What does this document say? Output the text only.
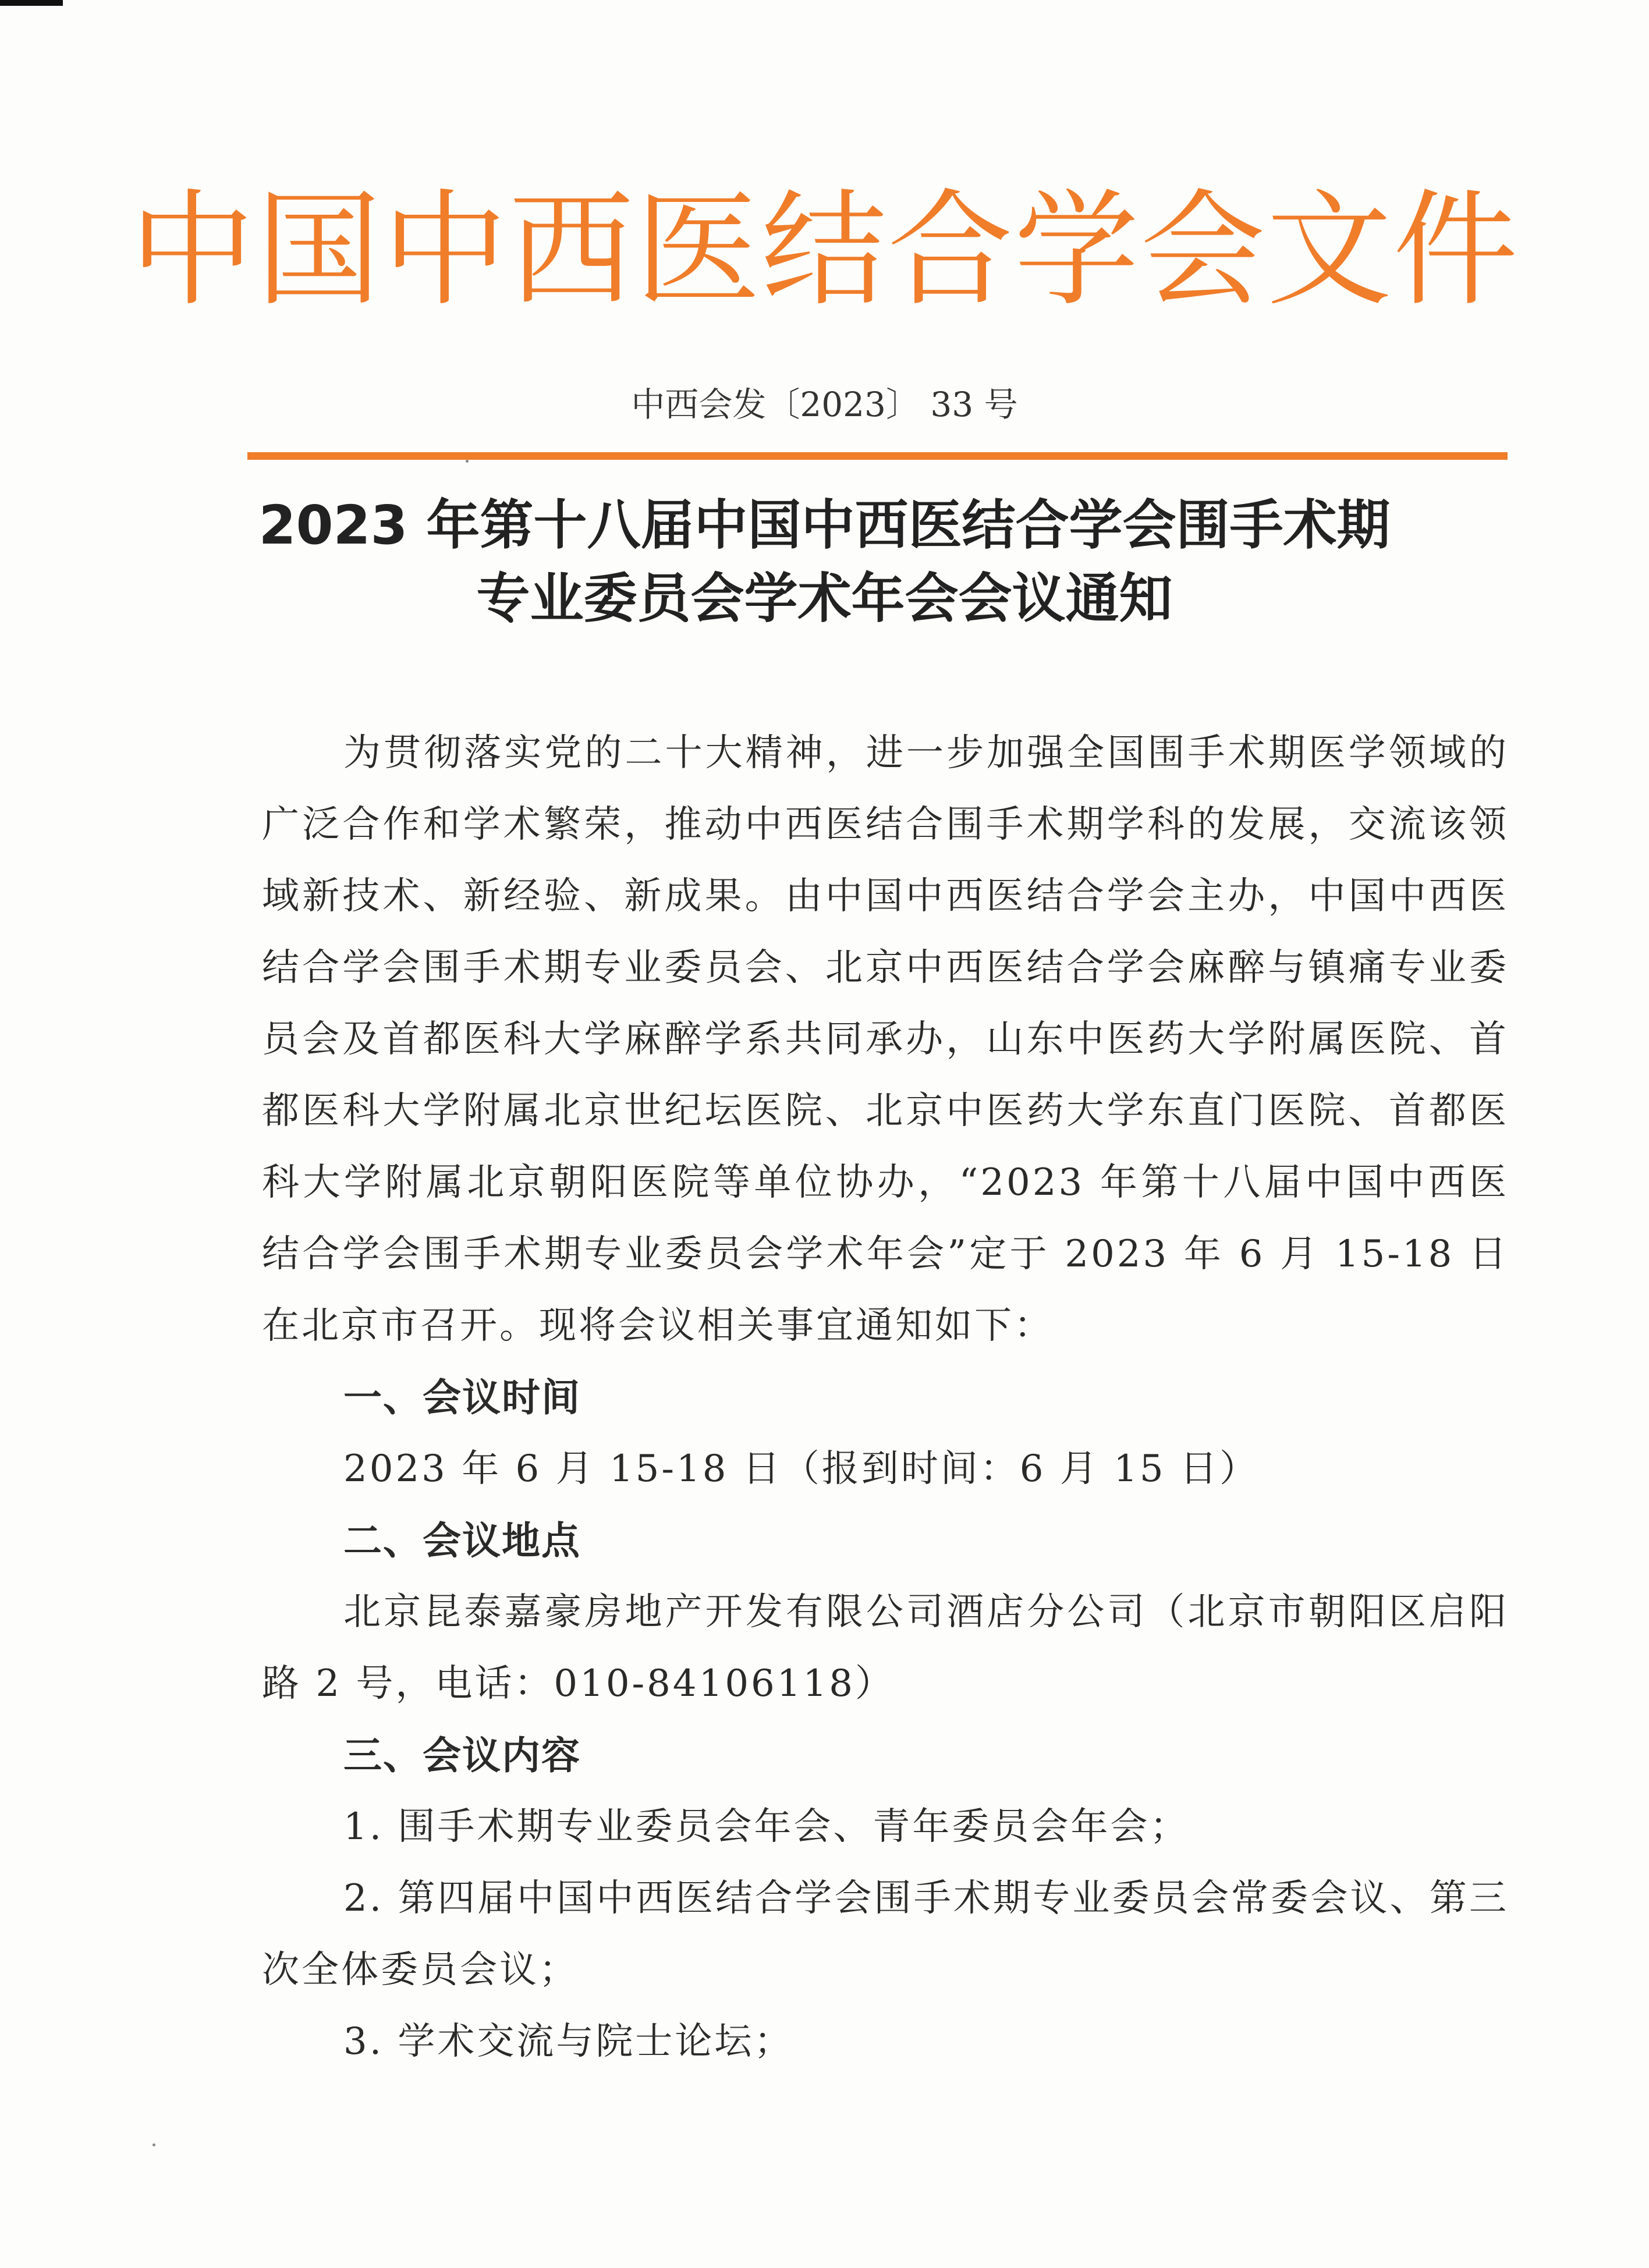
中国中西医结合学会文件
中西会发〔2023〕 33 号
2023 年第十八届中国中西医结合学会围手术期
专业委员会学术年会会议通知

为贯彻落实党的二十大精神，进一步加强全国围手术期医学领域的广泛合作和学术繁荣，推动中西医结合围手术期学科的发展，交流该领域新技术、新经验、新成果。由中国中西医结合学会主办，中国中西医结合学会围手术期专业委员会、北京中西医结合学会麻醉与镇痛专业委员会及首都医科大学麻醉学系共同承办，山东中医药大学附属医院、首都医科大学附属北京世纪坛医院、北京中医药大学东直门医院、首都医科大学附属北京朝阳医院等单位协办，“2023 年第十八届中国中西医结合学会围手术期专业委员会学术年会”定于 2023 年 6 月 15-18 日在北京市召开。现将会议相关事宜通知如下：

一、会议时间

2023 年 6 月 15-18 日（报到时间：6 月 15 日）

二、会议地点

北京昆泰嘉豪房地产开发有限公司酒店分公司（北京市朝阳区启阳路 2 号，电话：010-84106118）

三、会议内容

1. 围手术期专业委员会年会、青年委员会年会；

2. 第四届中国中西医结合学会围手术期专业委员会常委会议、第三次全体委员会议；

3. 学术交流与院士论坛；
